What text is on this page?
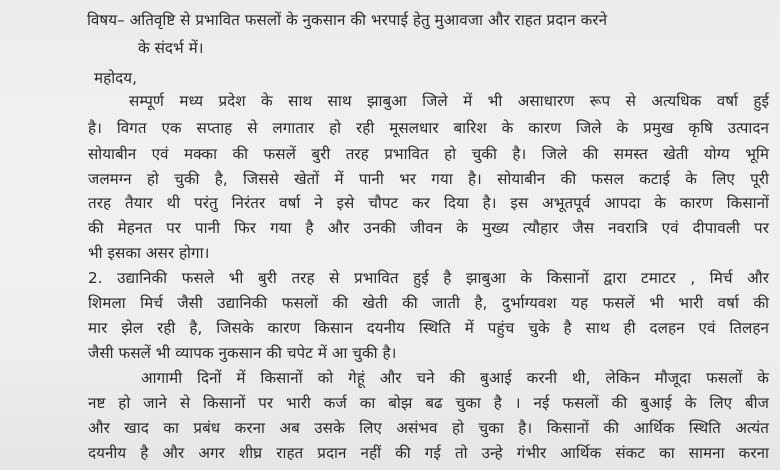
विषय– अतिवृष्टि से प्रभावित फसलों के नुकसान की भरपाई हेतु मुआवजा और राहत प्रदान करने
के संदर्भ में।
महोदय,
सम्पूर्ण मध्य प्रदेश के साथ साथ झाबुआ जिले में भी असाधारण रूप से अत्यधिक वर्षा हुई
है। विगत एक सप्ताह से लगातार हो रही मूसलधार बारिश के कारण जिले के प्रमुख कृषि उत्पादन
सोयाबीन एवं मक्का की फसलें बुरी तरह प्रभावित हो चुकी है। जिले की समस्त खेती योग्य भूमि
जलमग्न हो चुकी है, जिससे खेतों में पानी भर गया है। सोयाबीन की फसल कटाई के लिए पूरी
तरह तैयार थी परंतु निरंतर वर्षा ने इसे चौपट कर दिया है। इस अभूतपूर्व आपदा के कारण किसानों
की मेहनत पर पानी फिर गया है और उनकी जीवन के मुख्य त्यौहार जैस नवरात्रि एवं दीपावली पर
भी इसका असर होगा।
2. उद्यानिकी फसले भी बुरी तरह से प्रभावित हुई है झाबुआ के किसानों द्वारा टमाटर , मिर्च और
शिमला मिर्च जैसी उद्यानिकी फसलों की खेती की जाती है, दुर्भाग्यवश यह फसलें भी भारी वर्षा की
मार झेल रही है, जिसके कारण किसान दयनीय स्थिति में पहुंच चुके है साथ ही दलहन एवं तिलहन
जैसी फसलें भी व्यापक नुकसान की चपेट में आ चुकी है।
आगामी दिनों में किसानों को गेहूं और चने की बुआई करनी थी, लेकिन मौजूदा फसलों के
नष्ट हो जाने से किसानों पर भारी कर्ज का बोझ बढ चुका है । नई फसलों की बुआई के लिए बीज
और खाद का प्रबंध करना अब उसके लिए असंभव हो चुका है। किसानों की आर्थिक स्थिति अत्यंत
दयनीय है और अगर शीघ्र राहत प्रदान नहीं की गई तो उन्हे गंभीर आर्थिक संकट का सामना करना
